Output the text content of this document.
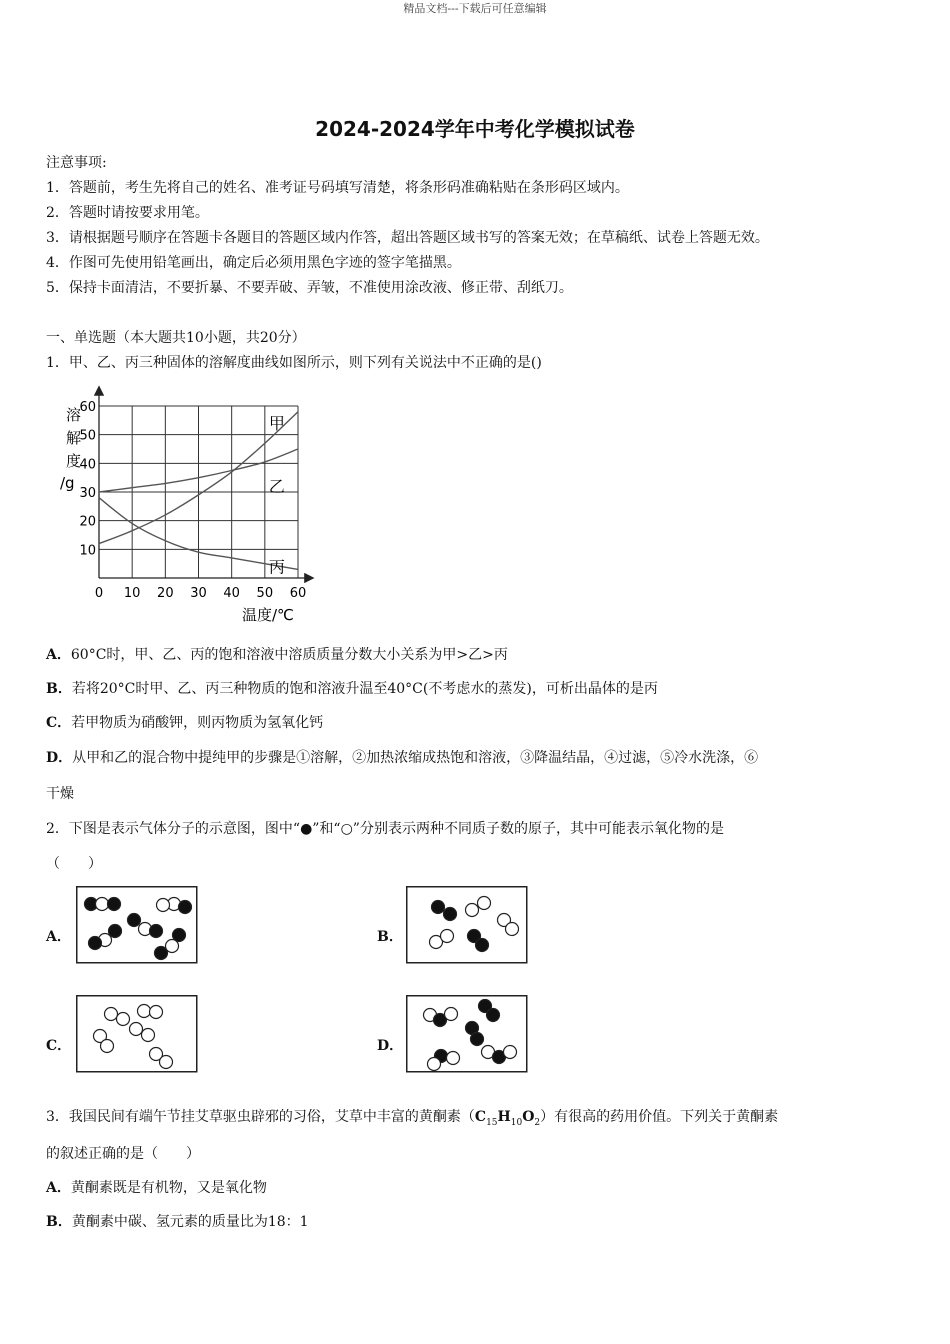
精品文档---下载后可任意编辑
2024-2024学年中考化学模拟试卷
注意事项:
1．答题前，考生先将自己的姓名、准考证号码填写清楚，将条形码准确粘贴在条形码区域内。
2．答题时请按要求用笔。
3．请根据题号顺序在答题卡各题目的答题区域内作答，超出答题区域书写的答案无效；在草稿纸、试卷上答题无效。
4．作图可先使用铅笔画出，确定后必须用黑色字迹的签字笔描黑。
5．保持卡面清洁，不要折暴、不要弄破、弄皱，不准使用涂改液、修正带、刮纸刀。
一、单选题（本大题共10小题，共20分）
1．甲、乙、丙三种固体的溶解度曲线如图所示，则下列有关说法中不正确的是()
甲
乙
丙
0 10 20 30 40 50 60
10
20
30
40
50
60
溶
解
度
/g
温度/℃
A．60°C时，甲、乙、丙的饱和溶液中溶质质量分数大小关系为甲>乙>丙
B．若将20°C时甲、乙、丙三种物质的饱和溶液升温至40°C(不考虑水的蒸发)，可析出晶体的是丙
C．若甲物质为硝酸钾，则丙物质为氢氧化钙
D．从甲和乙的混合物中提纯甲的步骤是①溶解，②加热浓缩成热饱和溶液，③降温结晶，④过滤，⑤冷水洗涤，⑥
干燥
2．下图是表示气体分子的示意图，图中“●”和“○”分别表示两种不同质子数的原子，其中可能表示氧化物的是
（　　）
A．	B．
C．	D．
3．我国民间有端午节挂艾草驱虫辟邪的习俗，艾草中丰富的黄酮素$(C_{15}H_{10}O_2)$有很高的药用价值。下列关于黄酮素
的叙述正确的是（　　）
A．黄酮素既是有机物，又是氧化物
B．黄酮素中碳、氢元素的质量比为18：1
